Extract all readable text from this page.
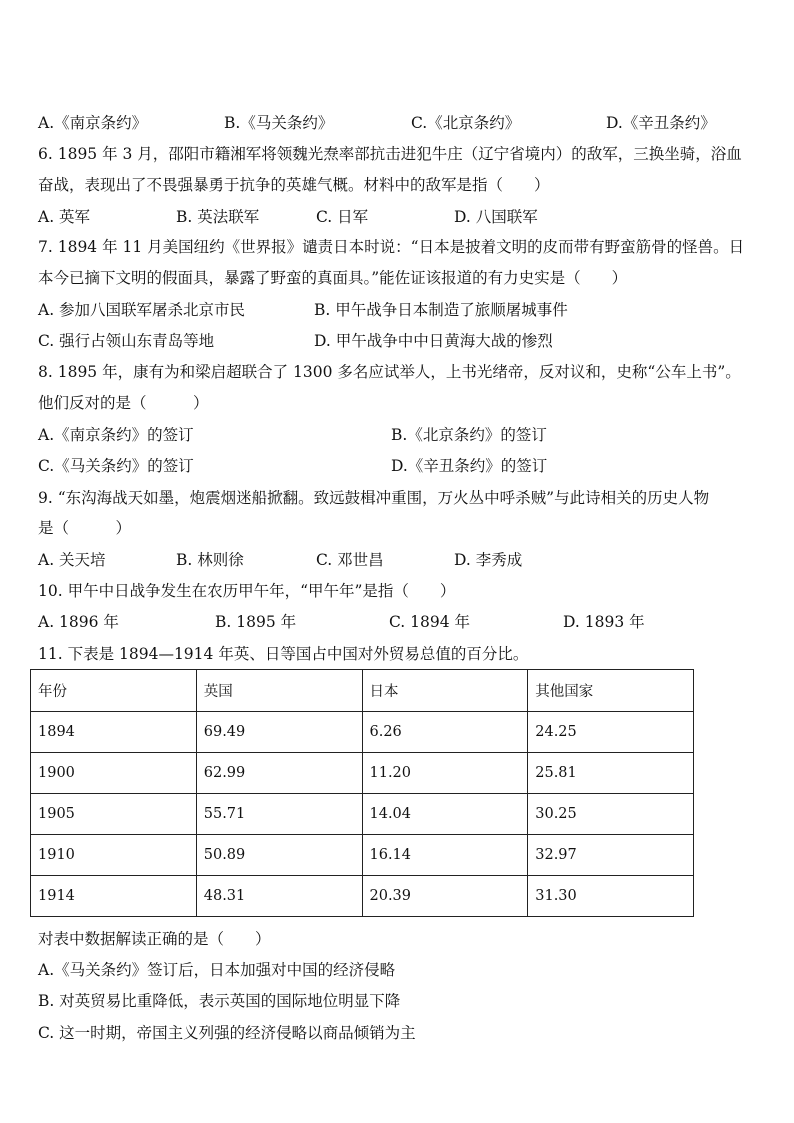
A.《南京条约》	B.《马关条约》	C.《北京条约》	D.《辛丑条约》
6. 1895 年 3 月，邵阳市籍湘军将领魏光焘率部抗击进犯牛庄（辽宁省境内）的敌军，三换坐骑，浴血
奋战，表现出了不畏强暴勇于抗争的英雄气概。材料中的敌军是指（　　）
A. 英军	B. 英法联军	C. 日军	D. 八国联军
7. 1894 年 11 月美国纽约《世界报》谴责日本时说：“日本是披着文明的皮而带有野蛮筋骨的怪兽。日
本今已摘下文明的假面具，暴露了野蛮的真面具。”能佐证该报道的有力史实是（　　）
A. 参加八国联军屠杀北京市民	B. 甲午战争日本制造了旅顺屠城事件
C. 强行占领山东青岛等地	D. 甲午战争中中日黄海大战的惨烈
8. 1895 年，康有为和梁启超联合了 1300 多名应试举人，上书光绪帝，反对议和，史称“公车上书”。
他们反对的是（　　　）
A.《南京条约》的签订	B.《北京条约》的签订
C.《马关条约》的签订	D.《辛丑条约》的签订
9. “东沟海战天如墨，炮震烟迷船掀翻。致远鼓楫冲重围，万火丛中呼杀贼”与此诗相关的历史人物
是（　　　）
A. 关天培	B. 林则徐	C. 邓世昌	D. 李秀成
10. 甲午中日战争发生在农历甲午年，“甲午年”是指（　　）
A. 1896 年	B. 1895 年	C. 1894 年	D. 1893 年
11. 下表是 1894—1914 年英、日等国占中国对外贸易总值的百分比。
年份	英国	日本	其他国家
1894	69.49	6.26	24.25
1900	62.99	11.20	25.81
1905	55.71	14.04	30.25
1910	50.89	16.14	32.97
1914	48.31	20.39	31.30
对表中数据解读正确的是（　　）
A.《马关条约》签订后，日本加强对中国的经济侵略
B. 对英贸易比重降低，表示英国的国际地位明显下降
C. 这一时期，帝国主义列强的经济侵略以商品倾销为主
